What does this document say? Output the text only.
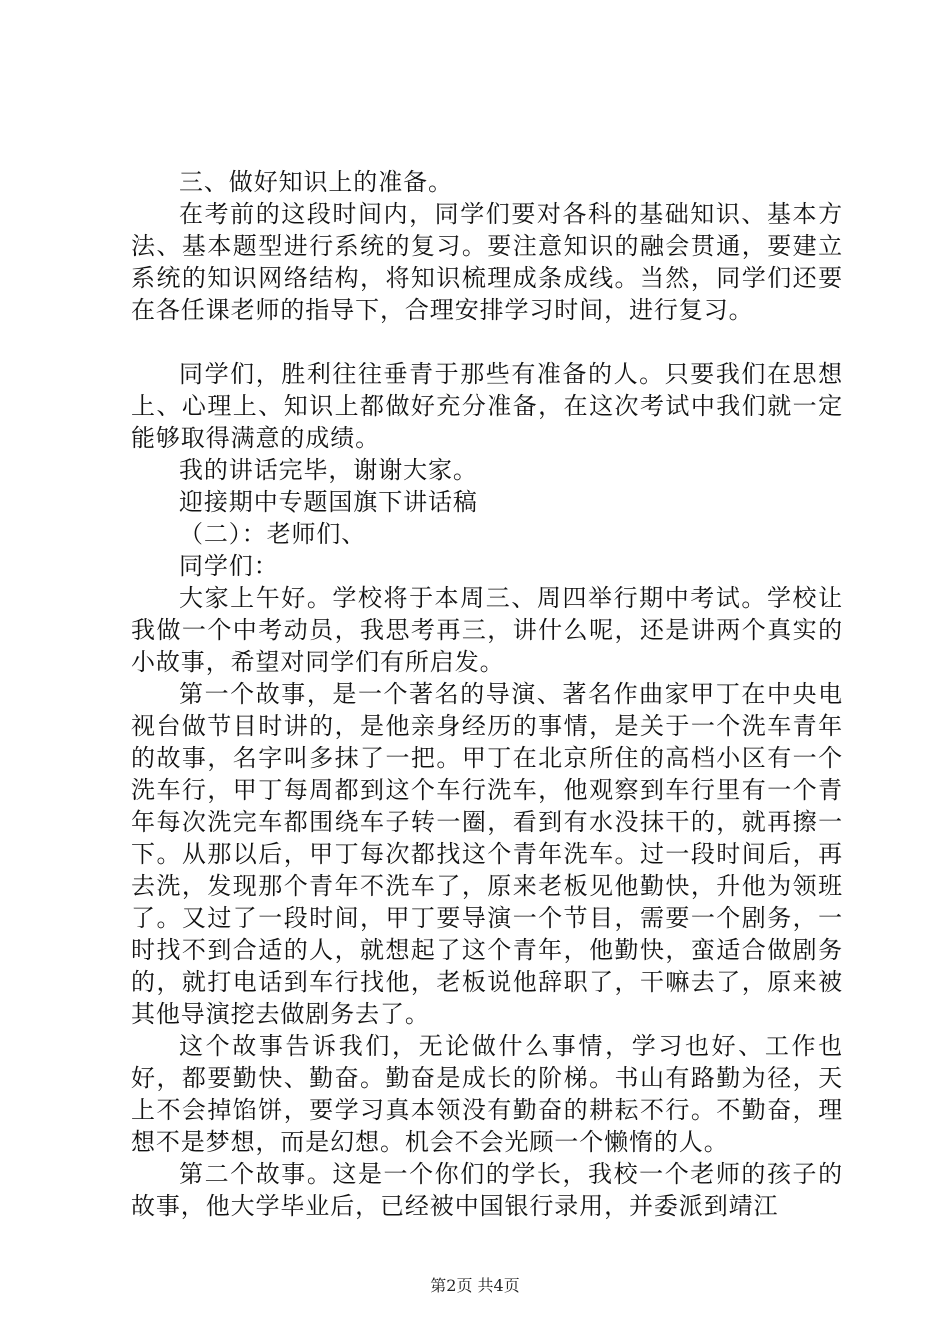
三、做好知识上的准备。

在考前的这段时间内，同学们要对各科的基础知识、基本方法、基本题型进行系统的复习。要注意知识的融会贯通，要建立系统的知识网络结构，将知识梳理成条成线。当然，同学们还要在各任课老师的指导下，合理安排学习时间，进行复习。

同学们，胜利往往垂青于那些有准备的人。只要我们在思想上、心理上、知识上都做好充分准备，在这次考试中我们就一定能够取得满意的成绩。

我的讲话完毕，谢谢大家。

迎接期中专题国旗下讲话稿

（二）：老师们、

同学们：

大家上午好。学校将于本周三、周四举行期中考试。学校让我做一个中考动员，我思考再三，讲什么呢，还是讲两个真实的小故事，希望对同学们有所启发。

第一个故事，是一个著名的导演、著名作曲家甲丁在中央电视台做节目时讲的，是他亲身经历的事情，是关于一个洗车青年的故事，名字叫多抹了一把。甲丁在北京所住的高档小区有一个洗车行，甲丁每周都到这个车行洗车，他观察到车行里有一个青年每次洗完车都围绕车子转一圈，看到有水没抹干的，就再擦一下。从那以后，甲丁每次都找这个青年洗车。过一段时间后，再去洗，发现那个青年不洗车了，原来老板见他勤快，升他为领班了。又过了一段时间，甲丁要导演一个节目，需要一个剧务，一时找不到合适的人，就想起了这个青年，他勤快，蛮适合做剧务的，就打电话到车行找他，老板说他辞职了，干嘛去了，原来被其他导演挖去做剧务去了。

这个故事告诉我们，无论做什么事情，学习也好、工作也好，都要勤快、勤奋。勤奋是成长的阶梯。书山有路勤为径，天上不会掉馅饼，要学习真本领没有勤奋的耕耘不行。不勤奋，理想不是梦想，而是幻想。机会不会光顾一个懒惰的人。

第二个故事。这是一个你们的学长，我校一个老师的孩子的故事，他大学毕业后，已经被中国银行录用，并委派到靖江

第2页 共4页
